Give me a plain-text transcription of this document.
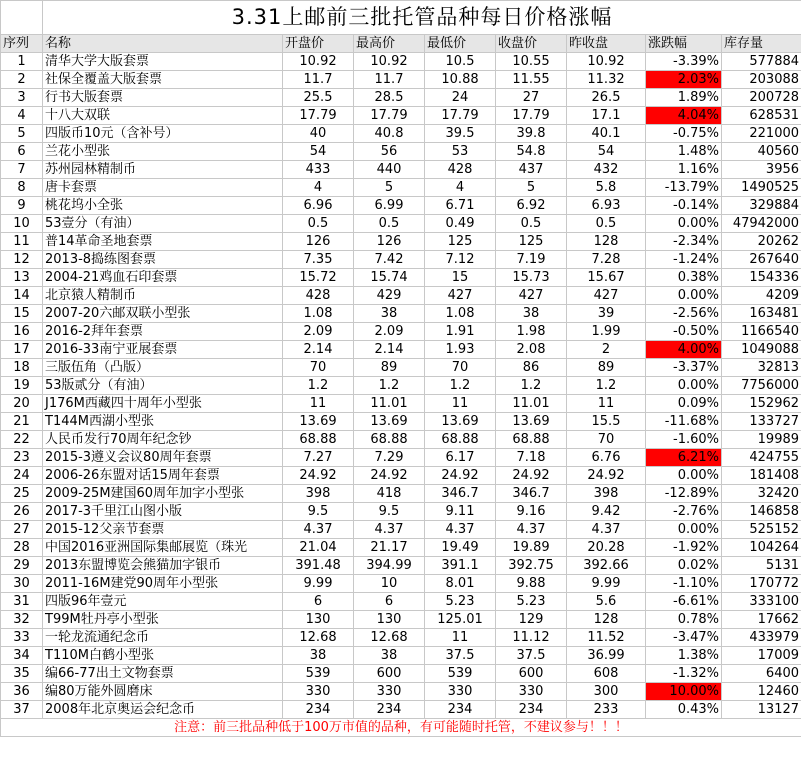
	3.31上邮前三批托管品种每日价格涨幅							
序列	名称	开盘价	最高价	最低价	收盘价	昨收盘	涨跌幅	库存量
1	清华大学大版套票	10.92	10.92	10.5	10.55	10.92	-3.39%	577884
2	社保全覆盖大版套票	11.7	11.7	10.88	11.55	11.32	2.03%	203088
3	行书大版套票	25.5	28.5	24	27	26.5	1.89%	200728
4	十八大双联	17.79	17.79	17.79	17.79	17.1	4.04%	628531
5	四版币10元（含补号）	40	40.8	39.5	39.8	40.1	-0.75%	221000
6	兰花小型张	54	56	53	54.8	54	1.48%	40560
7	苏州园林精制币	433	440	428	437	432	1.16%	3956
8	唐卡套票	4	5	4	5	5.8	-13.79%	1490525
9	桃花坞小全张	6.96	6.99	6.71	6.92	6.93	-0.14%	329884
10	53壹分（有油）	0.5	0.5	0.49	0.5	0.5	0.00%	47942000
11	普14革命圣地套票	126	126	125	125	128	-2.34%	20262
12	2013-8捣练图套票	7.35	7.42	7.12	7.19	7.28	-1.24%	267640
13	2004-21鸡血石印套票	15.72	15.74	15	15.73	15.67	0.38%	154336
14	北京猿人精制币	428	429	427	427	427	0.00%	4209
15	2007-20六邮双联小型张	1.08	38	1.08	38	39	-2.56%	163481
16	2016-2拜年套票	2.09	2.09	1.91	1.98	1.99	-0.50%	1166540
17	2016-33南宁亚展套票	2.14	2.14	1.93	2.08	2	4.00%	1049088
18	三版伍角（凸版）	70	89	70	86	89	-3.37%	32813
19	53版贰分（有油）	1.2	1.2	1.2	1.2	1.2	0.00%	7756000
20	J176M西藏四十周年小型张	11	11.01	11	11.01	11	0.09%	152962
21	T144M西湖小型张	13.69	13.69	13.69	13.69	15.5	-11.68%	133727
22	人民币发行70周年纪念钞	68.88	68.88	68.88	68.88	70	-1.60%	19989
23	2015-3遵义会议80周年套票	7.27	7.29	6.17	7.18	6.76	6.21%	424755
24	2006-26东盟对话15周年套票	24.92	24.92	24.92	24.92	24.92	0.00%	181408
25	2009-25M建国60周年加字小型张	398	418	346.7	346.7	398	-12.89%	32420
26	2017-3千里江山图小版	9.5	9.5	9.11	9.16	9.42	-2.76%	146858
27	2015-12父亲节套票	4.37	4.37	4.37	4.37	4.37	0.00%	525152
28	中国2016亚洲国际集邮展览（珠光	21.04	21.17	19.49	19.89	20.28	-1.92%	104264
29	2013东盟博览会熊猫加字银币	391.48	394.99	391.1	392.75	392.66	0.02%	5131
30	2011-16M建党90周年小型张	9.99	10	8.01	9.88	9.99	-1.10%	170772
31	四版96年壹元	6	6	5.23	5.23	5.6	-6.61%	333100
32	T99M牡丹亭小型张	130	130	125.01	129	128	0.78%	17662
33	一轮龙流通纪念币	12.68	12.68	11	11.12	11.52	-3.47%	433979
34	T110M白鹤小型张	38	38	37.5	37.5	36.99	1.38%	17009
35	编66-77出土文物套票	539	600	539	600	608	-1.32%	6400
36	编80万能外圆磨床	330	330	330	330	300	10.00%	12460
37	2008年北京奥运会纪念币	234	234	234	234	233	0.43%	13127
注意：前三批品种低于100万市值的品种，有可能随时托管，不建议参与！！！								
